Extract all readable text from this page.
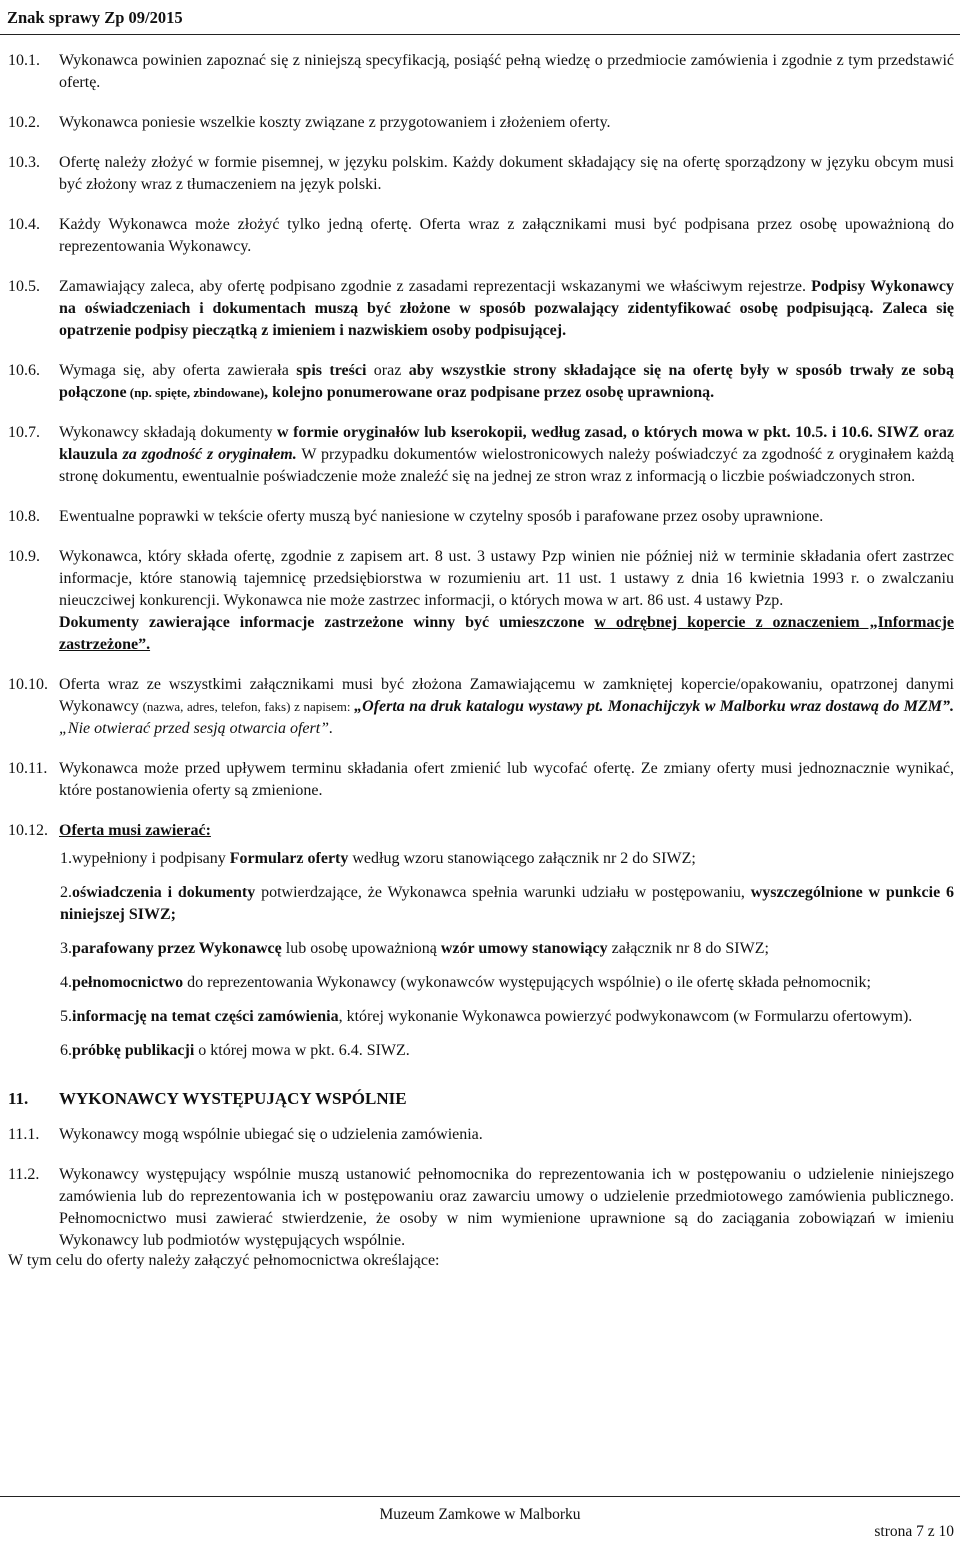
Znak sprawy Zp 09/2015
10.1.	Wykonawca powinien zapoznać się z niniejszą specyfikacją, posiąść pełną wiedzę o przedmiocie zamówienia i zgodnie z tym przedstawić ofertę.
10.2.	Wykonawca poniesie wszelkie koszty związane z przygotowaniem i złożeniem oferty.
10.3.	Ofertę należy złożyć w formie pisemnej, w języku polskim. Każdy dokument składający się na ofertę sporządzony w języku obcym musi być złożony wraz z tłumaczeniem na język polski.
10.4.	Każdy Wykonawca może złożyć tylko jedną ofertę. Oferta wraz z załącznikami musi być podpisana przez osobę upoważnioną do reprezentowania Wykonawcy.
10.5.	Zamawiający zaleca, aby ofertę podpisano zgodnie z zasadami reprezentacji wskazanymi we właściwym rejestrze. Podpisy Wykonawcy na oświadczeniach i dokumentach muszą być złożone w sposób pozwalający zidentyfikować osobę podpisującą. Zaleca się opatrzenie podpisy pieczątką z imieniem i nazwiskiem osoby podpisującej.
10.6.	Wymaga się, aby oferta zawierała spis treści oraz aby wszystkie strony składające się na ofertę były w sposób trwały ze sobą połączone (np. spięte, zbindowane), kolejno ponumerowane oraz podpisane przez osobę uprawnioną.
10.7.	Wykonawcy składają dokumenty w formie oryginałów lub kserokopii, według zasad, o których mowa w pkt. 10.5. i 10.6. SIWZ oraz klauzula za zgodność z oryginałem. W przypadku dokumentów wielostronicowych należy poświadczyć za zgodność z oryginałem każdą stronę dokumentu, ewentualnie poświadczenie może znaleźć się na jednej ze stron wraz z informacją o liczbie poświadczonych stron.
10.8.	Ewentualne poprawki w tekście oferty muszą być naniesione w czytelny sposób i parafowane przez osoby uprawnione.
10.9.	Wykonawca, który składa ofertę, zgodnie z zapisem art. 8 ust. 3 ustawy Pzp winien nie później niż w terminie składania ofert zastrzec informacje, które stanowią tajemnicę przedsiębiorstwa w rozumieniu art. 11 ust. 1 ustawy z dnia 16 kwietnia 1993 r. o zwalczaniu nieuczciwej konkurencji. Wykonawca nie może zastrzec informacji, o których mowa w art. 86 ust. 4 ustawy Pzp.
Dokumenty zawierające informacje zastrzeżone winny być umieszczone w odrębnej kopercie z oznaczeniem „Informacje zastrzeżone”.
10.10. Oferta wraz ze wszystkimi załącznikami musi być złożona Zamawiającemu w zamkniętej kopercie/opakowaniu, opatrzonej danymi Wykonawcy (nazwa, adres, telefon, faks) z napisem: „Oferta na druk katalogu wystawy pt. Monachijczyk w Malborku wraz dostawą do MZM”. „Nie otwierać przed sesją otwarcia ofert”.
10.11. Wykonawca może przed upływem terminu składania ofert zmienić lub wycofać ofertę. Ze zmiany oferty musi jednoznacznie wynikać, które postanowienia oferty są zmienione.
10.12. Oferta musi zawierać:
1.wypełniony i podpisany Formularz oferty według wzoru stanowiącego załącznik nr 2 do SIWZ;
2.oświadczenia i dokumenty potwierdzające, że Wykonawca spełnia warunki udziału w postępowaniu, wyszczególnione w punkcie 6 niniejszej SIWZ;
3.parafowany przez Wykonawcę lub osobę upoważnioną wzór umowy stanowiący załącznik nr 8 do SIWZ;
4.pełnomocnictwo do reprezentowania Wykonawcy (wykonawców występujących wspólnie) o ile ofertę składa pełnomocnik;
5.informację na temat części zamówienia, której wykonanie Wykonawca powierzyć podwykonawcom (w Formularzu ofertowym).
6.próbkę publikacji o której mowa w pkt. 6.4. SIWZ.
11.	WYKONAWCY WYSTĘPUJĄCY WSPÓLNIE
11.1.	Wykonawcy mogą wspólnie ubiegać się o udzielenia zamówienia.
11.2.	Wykonawcy występujący wspólnie muszą ustanowić pełnomocnika do reprezentowania ich w postępowaniu o udzielenie niniejszego zamówienia lub do reprezentowania ich w postępowaniu oraz zawarciu umowy o udzielenie przedmiotowego zamówienia publicznego. Pełnomocnictwo musi zawierać stwierdzenie, że osoby w nim wymienione uprawnione są do zaciągania zobowiązań w imieniu Wykonawcy lub podmiotów występujących wspólnie.
W tym celu do oferty należy załączyć pełnomocnictwa określające:
Muzeum Zamkowe w Malborku
strona 7 z 10
